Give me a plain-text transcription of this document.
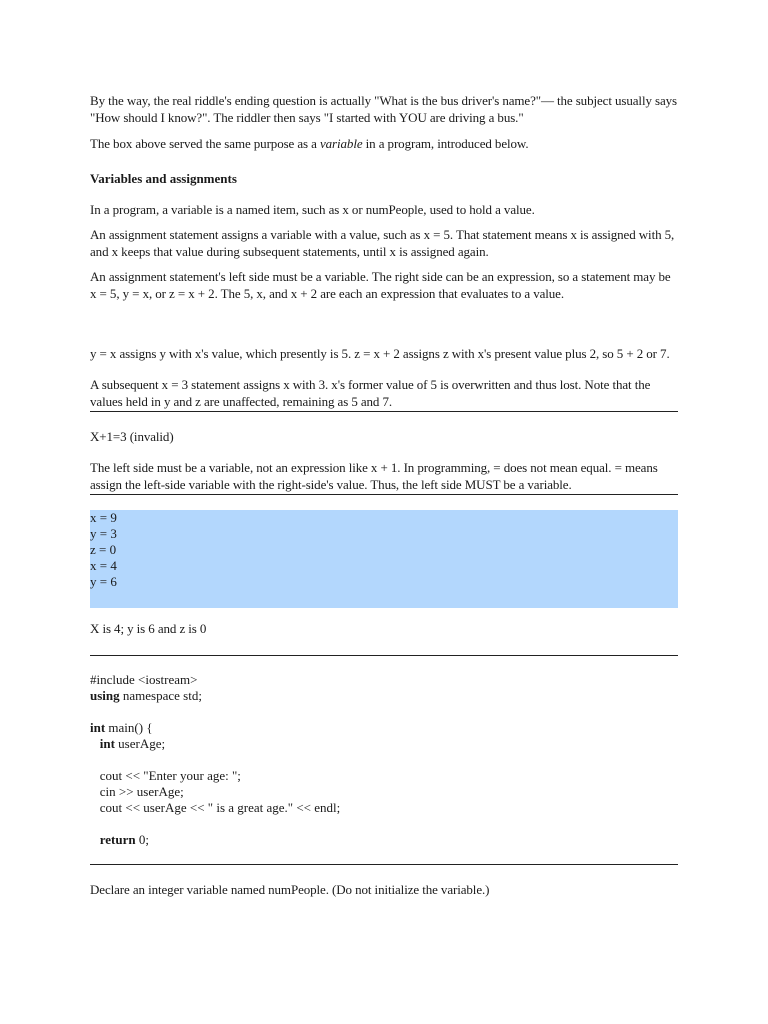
By the way, the real riddle's ending question is actually "What is the bus driver's name?"— the subject usually says "How should I know?". The riddler then says "I started with YOU are driving a bus."

The box above served the same purpose as a variable in a program, introduced below.

Variables and assignments

In a program, a variable is a named item, such as x or numPeople, used to hold a value.

An assignment statement assigns a variable with a value, such as x = 5. That statement means x is assigned with 5, and x keeps that value during subsequent statements, until x is assigned again.

An assignment statement's left side must be a variable. The right side can be an expression, so a statement may be x = 5, y = x, or z = x + 2. The 5, x, and x + 2 are each an expression that evaluates to a value.

y = x assigns y with x's value, which presently is 5. z = x + 2 assigns z with x's present value plus 2, so 5 + 2 or 7.

A subsequent x = 3 statement assigns x with 3. x's former value of 5 is overwritten and thus lost. Note that the values held in y and z are unaffected, remaining as 5 and 7.

X+1=3 (invalid)

The left side must be a variable, not an expression like x + 1. In programming, = does not mean equal. = means assign the left-side variable with the right-side's value. Thus, the left side MUST be a variable.

x = 9
y = 3
z = 0
x = 4
y = 6

X is 4; y is 6 and z is 0

#include <iostream>
using namespace std;

int main() {
int userAge;

cout << "Enter your age: ";
cin >> userAge;
cout << userAge << " is a great age." << endl;

return 0;

Declare an integer variable named numPeople. (Do not initialize the variable.)
